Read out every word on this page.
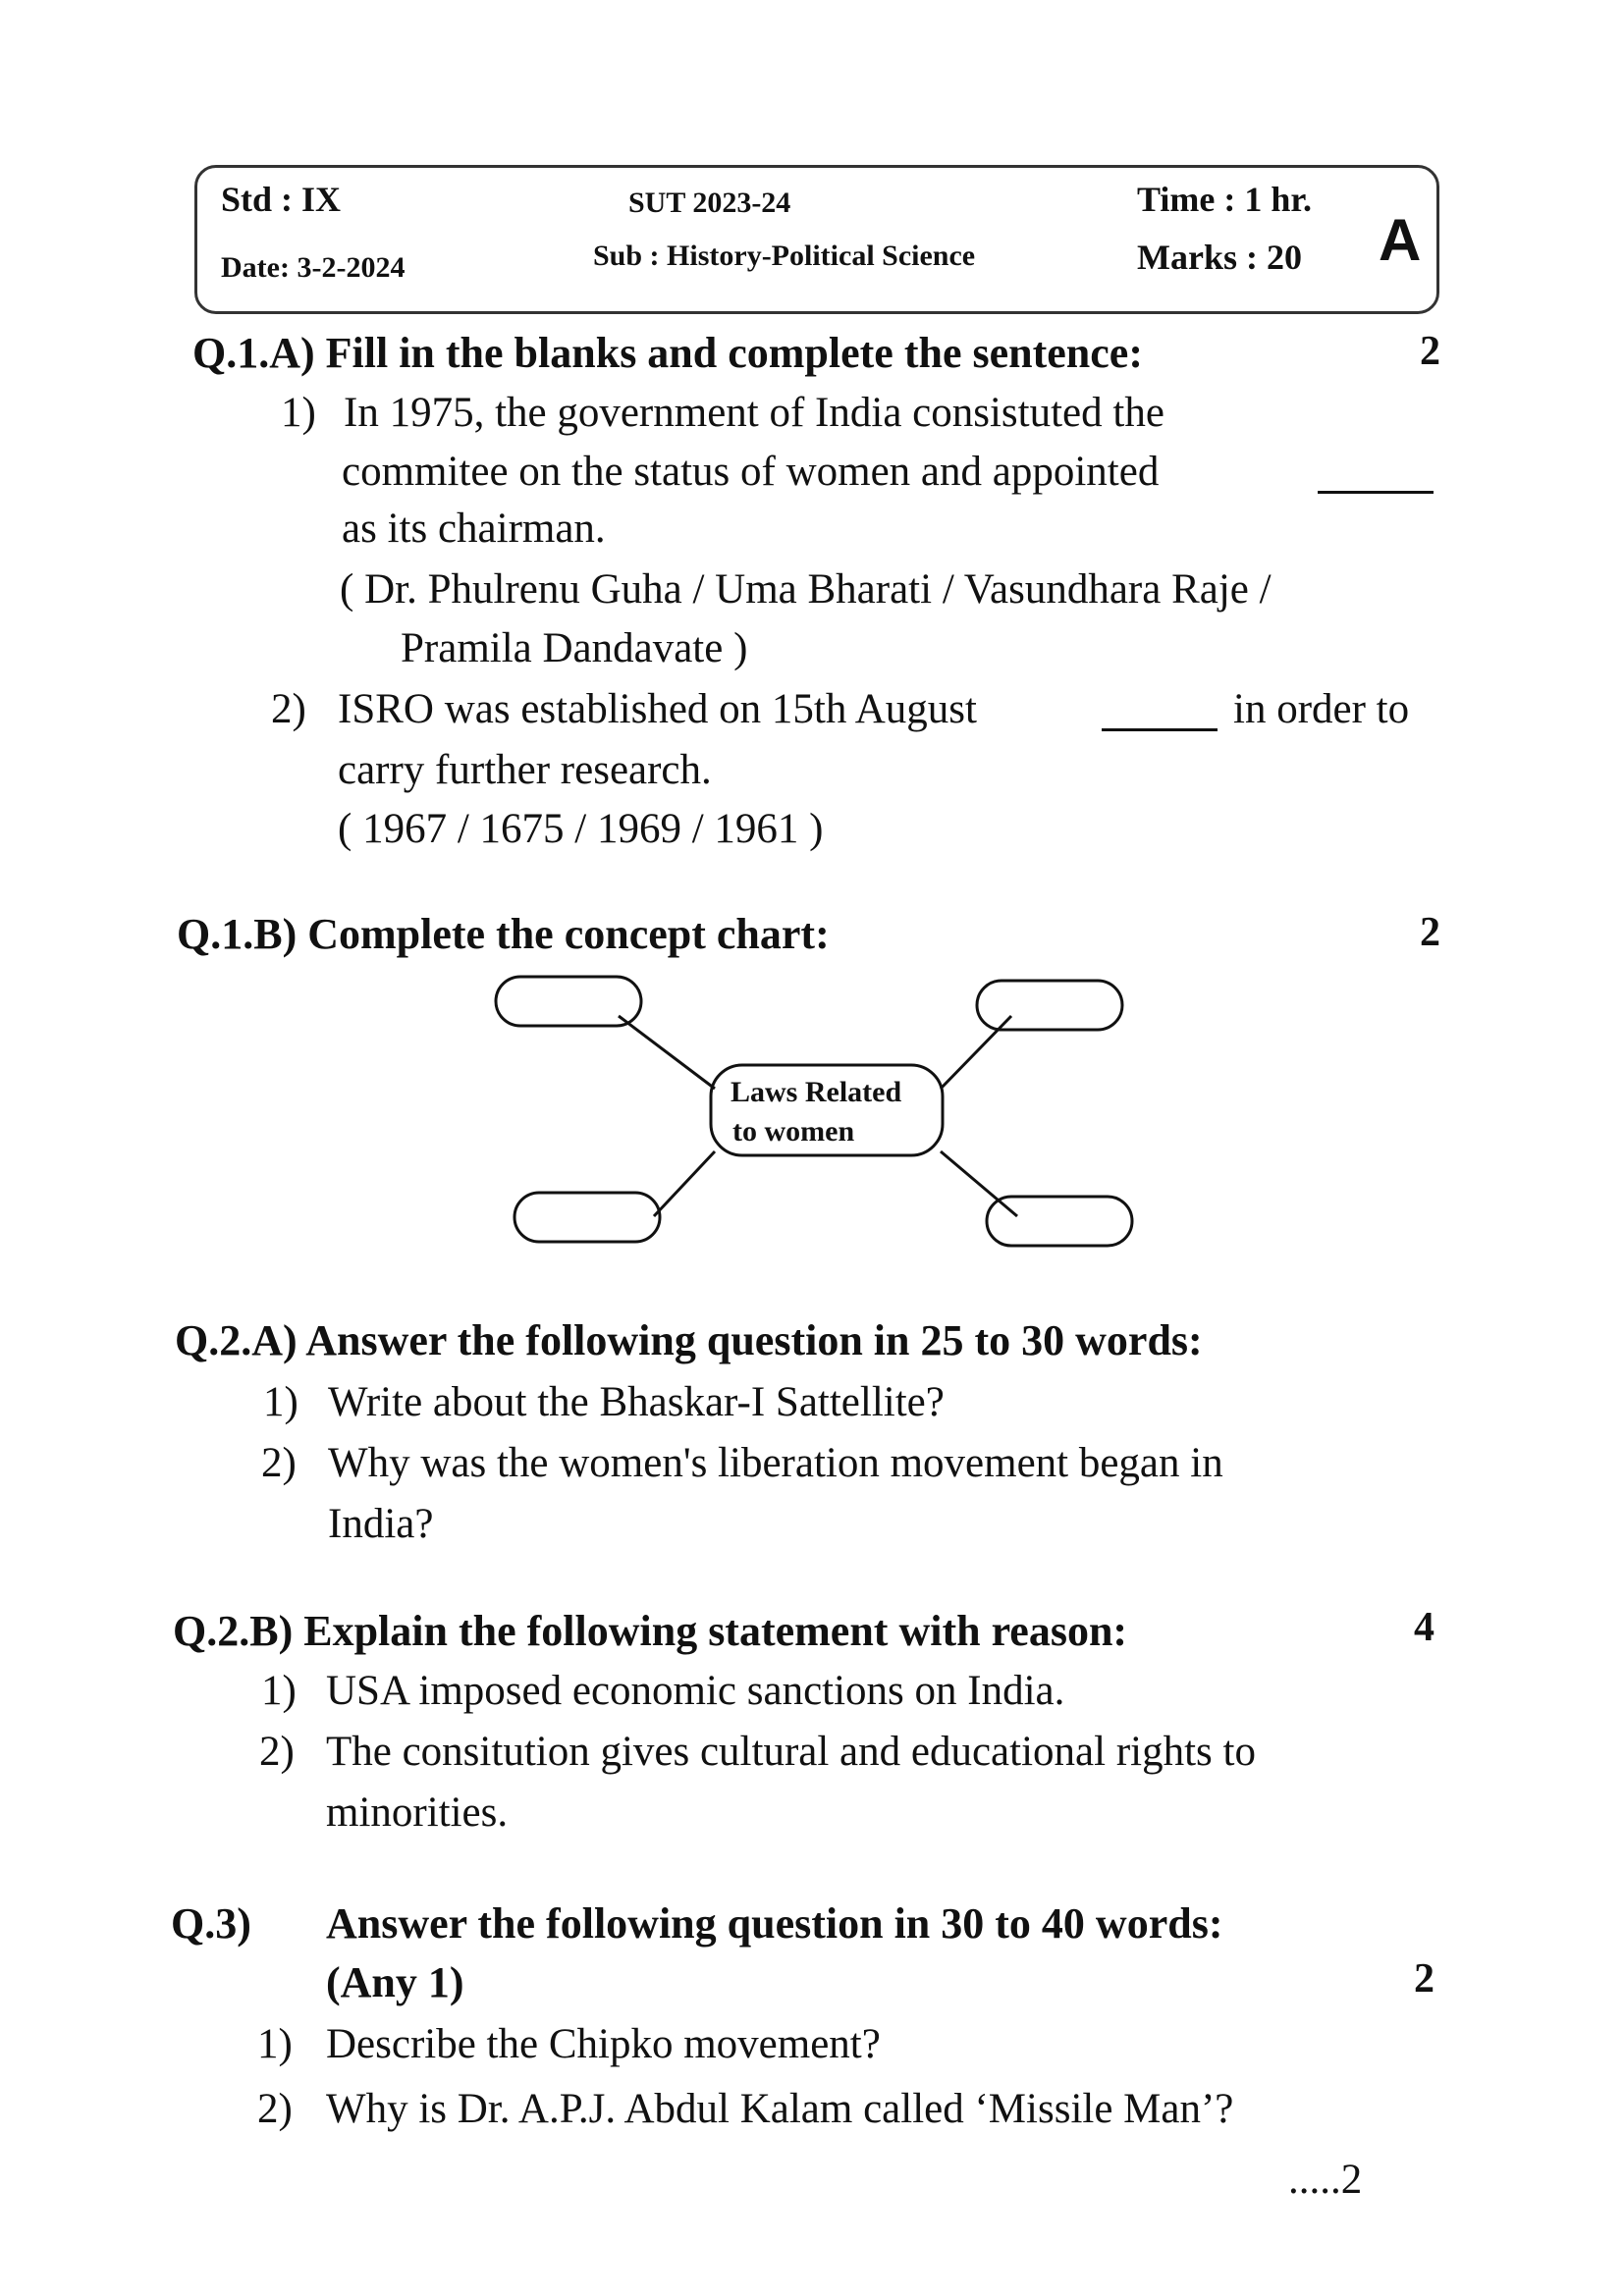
Std : IX
Date: 3-2-2024
SUT 2023-24
Sub : History-Political Science
Time : 1 hr.
Marks : 20 A
Q.1.A) Fill in the blanks and complete the sentence:	2
1) In 1975, the government of India consistuted the
commitee on the status of women and appointed
as its chairman.
( Dr. Phulrenu Guha / Uma Bharati / Vasundhara Raje /
Pramila Dandavate )
2) ISRO was established on 15th August	in order to
carry further research.
( 1967 / 1675 / 1969 / 1961 )
Q.1.B) Complete the concept chart:	2
Laws Related
to women
Q.2.A) Answer the following question in 25 to 30 words:
1) Write about the Bhaskar-I Sattellite?
2) Why was the women's liberation movement began in
India?
Q.2.B) Explain the following statement with reason:	4
1) USA imposed economic sanctions on India.
2) The consitution gives cultural and educational rights to
minorities.
Q.3) Answer the following question in 30 to 40 words:
(Any 1)	2
1) Describe the Chipko movement?
2) Why is Dr. A.P.J. Abdul Kalam called ‘Missile Man’?
.....2
